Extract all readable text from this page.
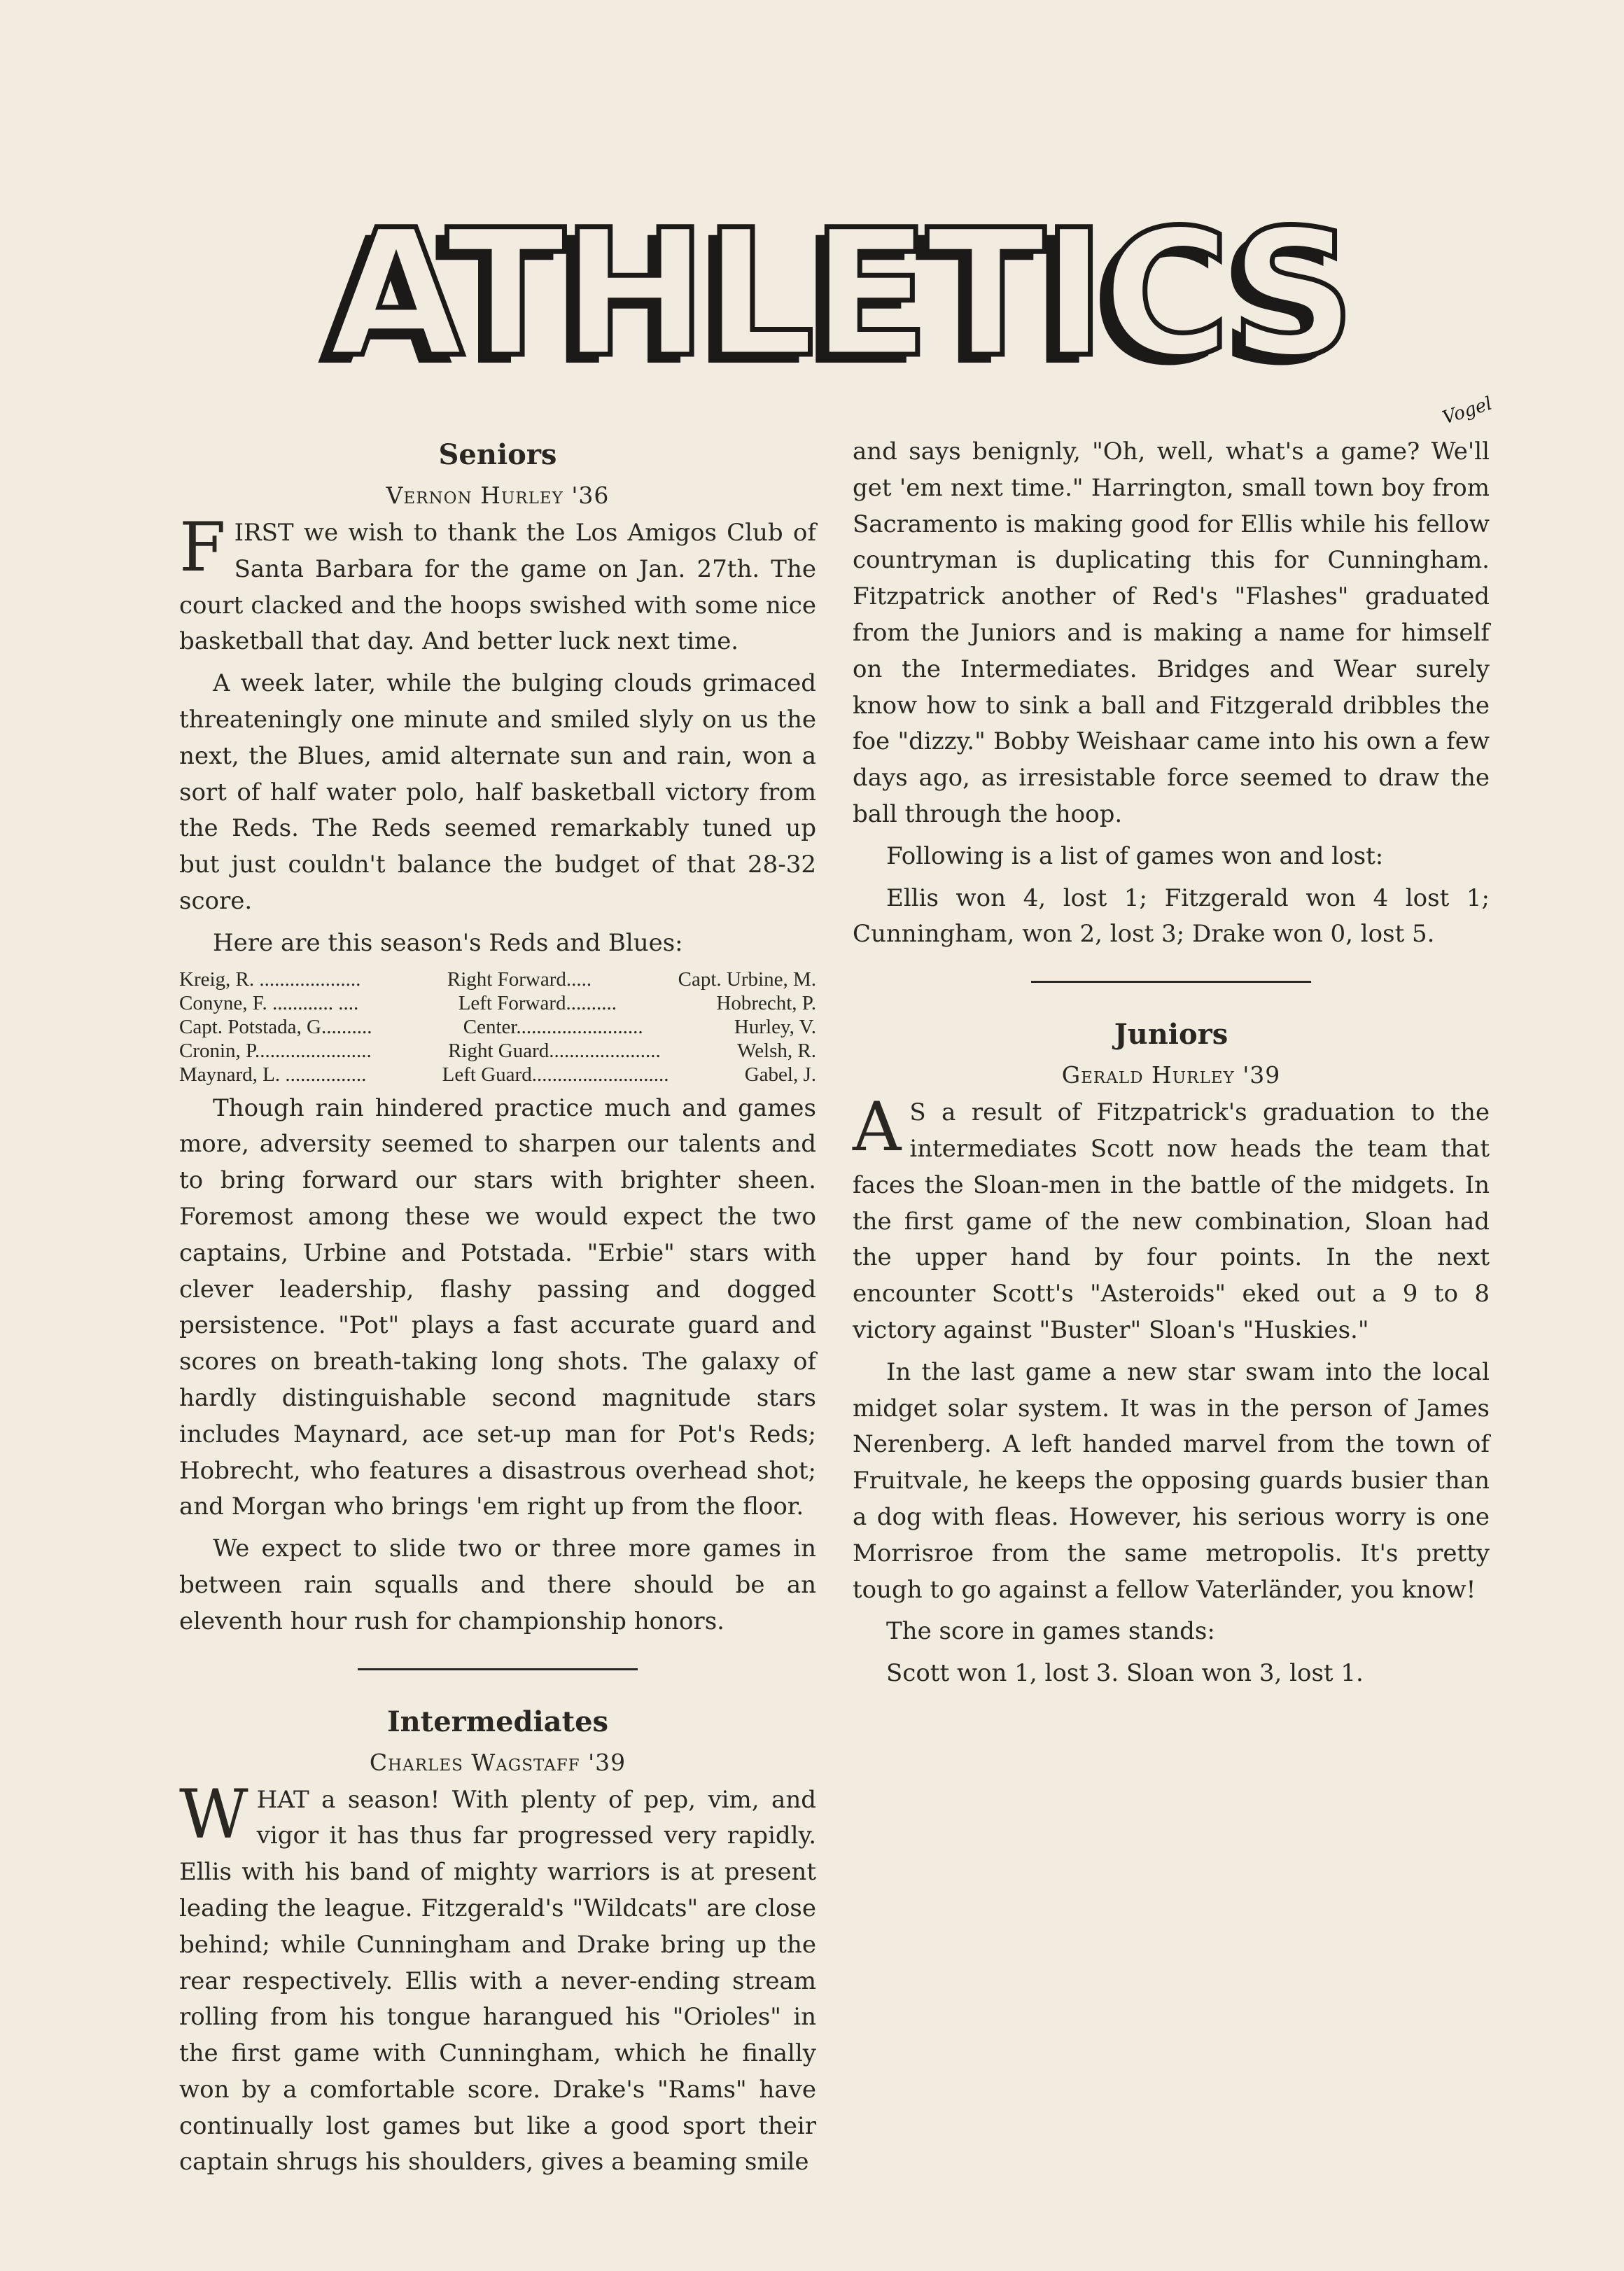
ATHLETICS
Vogel
Seniors
Vernon Hurley '36

FIRST we wish to thank the Los Amigos Club of Santa Barbara for the game on Jan. 27th. The court clacked and the hoops swished with some nice basketball that day. And better luck next time.

A week later, while the bulging clouds grimaced threateningly one minute and smiled slyly on us the next, the Blues, amid alternate sun and rain, won a sort of half water polo, half basketball victory from the Reds. The Reds seemed remarkably tuned up but just couldn't balance the budget of that 28-32 score.

Here are this season's Reds and Blues:

Kreig, R. ....................	Right Forward.....	Capt. Urbine, M.
Conyne, F. ............ ....	Left Forward..........	Hobrecht, P.
Capt. Potstada, G..........	Center.........................	Hurley, V.
Cronin, P.......................	Right Guard......................	Welsh, R.
Maynard, L. ................	Left Guard...........................	Gabel, J.

Though rain hindered practice much and games more, adversity seemed to sharpen our talents and to bring forward our stars with brighter sheen. Foremost among these we would expect the two captains, Urbine and Potstada. "Erbie" stars with clever leadership, flashy passing and dogged persistence. "Pot" plays a fast accurate guard and scores on breath-taking long shots. The galaxy of hardly distinguishable second magnitude stars includes Maynard, ace set-up man for Pot's Reds; Hobrecht, who features a disastrous overhead shot; and Morgan who brings 'em right up from the floor.

We expect to slide two or three more games in between rain squalls and there should be an eleventh hour rush for championship honors.

Intermediates
Charles Wagstaff '39

WHAT a season! With plenty of pep, vim, and vigor it has thus far progressed very rapidly. Ellis with his band of mighty warriors is at present leading the league. Fitzgerald's "Wildcats" are close behind; while Cunningham and Drake bring up the rear respectively. Ellis with a never-ending stream rolling from his tongue harangued his "Orioles" in the first game with Cunningham, which he finally won by a comfortable score. Drake's "Rams" have continually lost games but like a good sport their captain shrugs his shoulders, gives a beaming smile

and says benignly, "Oh, well, what's a game? We'll get 'em next time." Harrington, small town boy from Sacramento is making good for Ellis while his fellow countryman is duplicating this for Cunningham. Fitzpatrick another of Red's "Flashes" graduated from the Juniors and is making a name for himself on the Intermediates. Bridges and Wear surely know how to sink a ball and Fitzgerald dribbles the foe "dizzy." Bobby Weishaar came into his own a few days ago, as irresistable force seemed to draw the ball through the hoop.

Following is a list of games won and lost:

Ellis won 4, lost 1; Fitzgerald won 4 lost 1; Cunningham, won 2, lost 3; Drake won 0, lost 5.

Juniors
Gerald Hurley '39

A S a result of Fitzpatrick's graduation to the intermediates Scott now heads the team that faces the Sloan-men in the battle of the midgets. In the first game of the new combination, Sloan had the upper hand by four points. In the next encounter Scott's "Asteroids" eked out a 9 to 8 victory against "Buster" Sloan's "Huskies."

In the last game a new star swam into the local midget solar system. It was in the person of James Nerenberg. A left handed marvel from the town of Fruitvale, he keeps the opposing guards busier than a dog with fleas. However, his serious worry is one Morrisroe from the same metropolis. It's pretty tough to go against a fellow Vaterländer, you know!

The score in games stands:

Scott won 1, lost 3. Sloan won 3, lost 1.
